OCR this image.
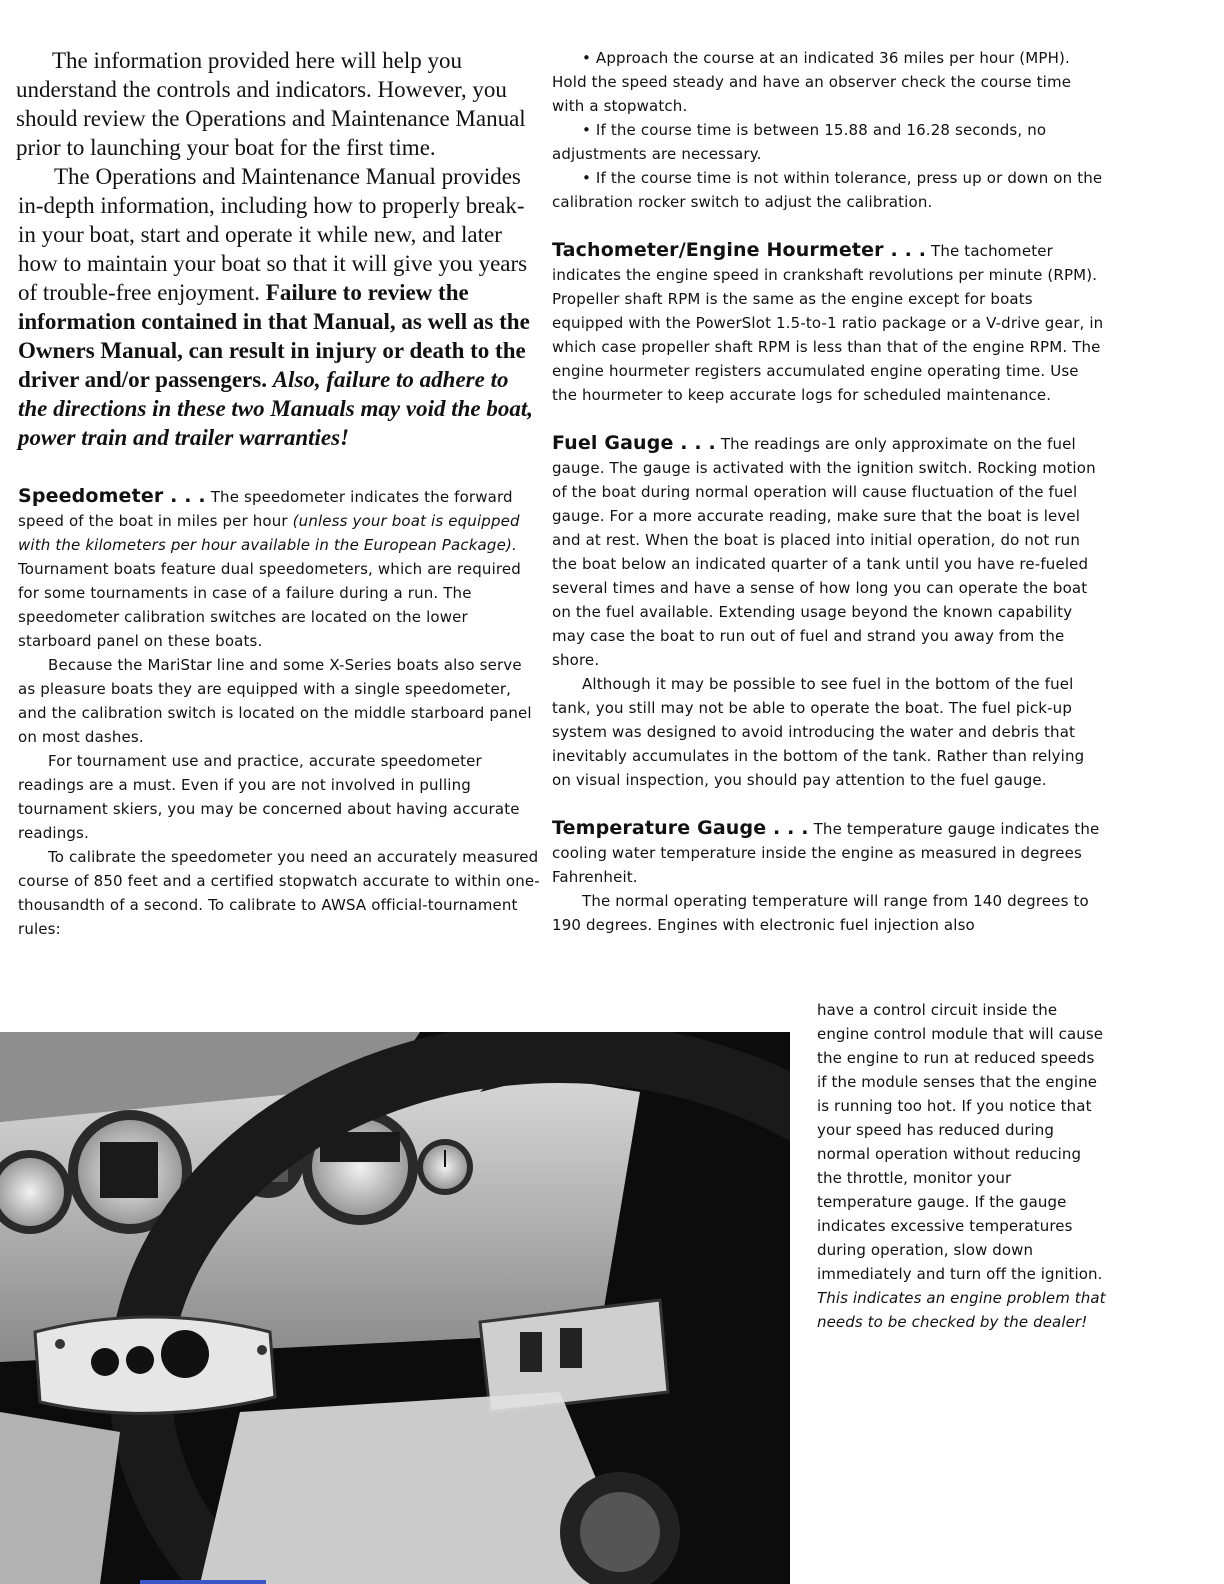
The information provided here will help you understand the controls and indicators. However, you should review the Operations and Maintenance Manual prior to launching your boat for the first time.

The Operations and Maintenance Manual provides in-depth information, including how to properly break-in your boat, start and operate it while new, and later how to maintain your boat so that it will give you years of trouble-free enjoyment. Failure to review the information contained in that Manual, as well as the Owners Manual, can result in injury or death to the driver and/or passengers. Also, failure to adhere to the directions in these two Manuals may void the boat, power train and trailer warranties!

Speedometer . . . The speedometer indicates the forward speed of the boat in miles per hour (unless your boat is equipped with the kilometers per hour available in the European Package). Tournament boats feature dual speedometers, which are required for some tournaments in case of a failure during a run. The speedometer calibration switches are located on the lower starboard panel on these boats.

Because the MariStar line and some X-Series boats also serve as pleasure boats they are equipped with a single speedometer, and the calibration switch is located on the middle starboard panel on most dashes.

For tournament use and practice, accurate speedometer readings are a must. Even if you are not involved in pulling tournament skiers, you may be concerned about having accurate readings.

To calibrate the speedometer you need an accurately measured course of 850 feet and a certified stopwatch accurate to within one-thousandth of a second. To calibrate to AWSA official-tournament rules:

• Approach the course at an indicated 36 miles per hour (MPH). Hold the speed steady and have an observer check the course time with a stopwatch.

• If the course time is between 15.88 and 16.28 seconds, no adjustments are necessary.

• If the course time is not within tolerance, press up or down on the calibration rocker switch to adjust the calibration.

Tachometer/Engine Hourmeter . . . The tachometer indicates the engine speed in crankshaft revolutions per minute (RPM). Propeller shaft RPM is the same as the engine except for boats equipped with the PowerSlot 1.5-to-1 ratio package or a V-drive gear, in which case propeller shaft RPM is less than that of the engine RPM. The engine hourmeter registers accumulated engine operating time. Use the hourmeter to keep accurate logs for scheduled maintenance.

Fuel Gauge . . . The readings are only approximate on the fuel gauge. The gauge is activated with the ignition switch. Rocking motion of the boat during normal operation will cause fluctuation of the fuel gauge. For a more accurate reading, make sure that the boat is level and at rest. When the boat is placed into initial operation, do not run the boat below an indicated quarter of a tank until you have re-fueled several times and have a sense of how long you can operate the boat on the fuel available. Extending usage beyond the known capability may case the boat to run out of fuel and strand you away from the shore.

Although it may be possible to see fuel in the bottom of the fuel tank, you still may not be able to operate the boat. The fuel pick-up system was designed to avoid introducing the water and debris that inevitably accumulates in the bottom of the tank. Rather than relying on visual inspection, you should pay attention to the fuel gauge.

Temperature Gauge . . . The temperature gauge indicates the cooling water temperature inside the engine as measured in degrees Fahrenheit.

The normal operating temperature will range from 140 degrees to 190 degrees. Engines with electronic fuel injection also

have a control circuit inside the engine control module that will cause the engine to run at reduced speeds if the module senses that the engine is running too hot. If you notice that your speed has reduced during normal operation without reducing the throttle, monitor your temperature gauge. If the gauge indicates excessive temperatures during operation, slow down immediately and turn off the ignition. This indicates an engine problem that needs to be checked by the dealer!
